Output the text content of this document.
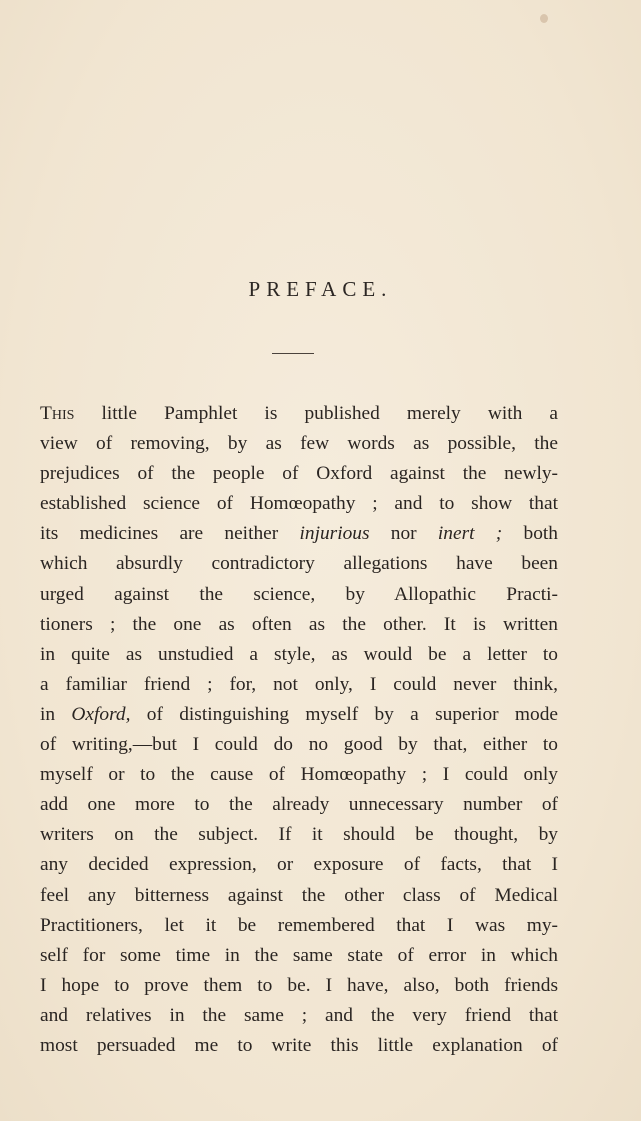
PREFACE.
This little Pamphlet is published merely with a
view of removing, by as few words as possible, the
prejudices of the people of Oxford against the newly-
established science of Homœopathy ; and to show that
its medicines are neither injurious nor inert ; both
which absurdly contradictory allegations have been
urged against the science, by Allopathic Practi-
tioners ; the one as often as the other. It is written
in quite as unstudied a style, as would be a letter to
a familiar friend ; for, not only, I could never think,
in Oxford, of distinguishing myself by a superior mode
of writing,—but I could do no good by that, either to
myself or to the cause of Homœopathy ; I could only
add one more to the already unnecessary number of
writers on the subject. If it should be thought, by
any decided expression, or exposure of facts, that I
feel any bitterness against the other class of Medical
Practitioners, let it be remembered that I was my-
self for some time in the same state of error in which
I hope to prove them to be. I have, also, both friends
and relatives in the same ; and the very friend that
most persuaded me to write this little explanation of
